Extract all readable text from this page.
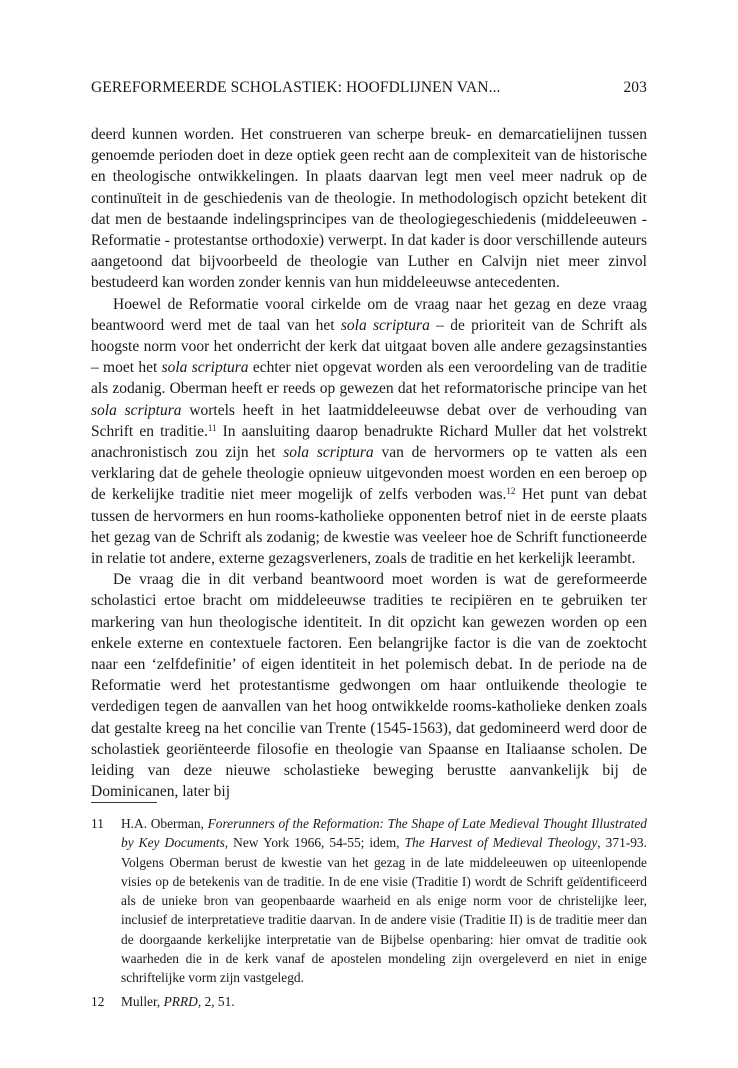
GEREFORMEERDE SCHOLASTIEK: HOOFDLIJNEN VAN...	203

deerd kunnen worden. Het construeren van scherpe breuk- en demarcatielijnen tussen genoemde perioden doet in deze optiek geen recht aan de complexiteit van de historische en theologische ontwikkelingen. In plaats daarvan legt men veel meer nadruk op de continuïteit in de geschiedenis van de theologie. In methodologisch opzicht betekent dit dat men de bestaande indelingsprincipes van de theologiegeschiedenis (middeleeuwen - Reformatie - protestantse orthodoxie) verwerpt. In dat kader is door verschillende auteurs aangetoond dat bijvoorbeeld de theologie van Luther en Calvijn niet meer zinvol bestudeerd kan worden zonder kennis van hun middeleeuwse antecedenten.

Hoewel de Reformatie vooral cirkelde om de vraag naar het gezag en deze vraag beantwoord werd met de taal van het sola scriptura – de prioriteit van de Schrift als hoogste norm voor het onderricht der kerk dat uitgaat boven alle andere gezagsinstanties – moet het sola scriptura echter niet opgevat worden als een veroordeling van de traditie als zodanig. Oberman heeft er reeds op gewezen dat het reformatorische principe van het sola scriptura wortels heeft in het laatmiddeleeuwse debat over de verhouding van Schrift en traditie.$^{11}$ In aansluiting daarop benadrukte Richard Muller dat het volstrekt anachronistisch zou zijn het sola scriptura van de hervormers op te vatten als een verklaring dat de gehele theologie opnieuw uitgevonden moest worden en een beroep op de kerkelijke traditie niet meer mogelijk of zelfs verboden was.$^{12}$ Het punt van debat tussen de hervormers en hun rooms-katholieke opponenten betrof niet in de eerste plaats het gezag van de Schrift als zodanig; de kwestie was veeleer hoe de Schrift functioneerde in relatie tot andere, externe gezagsverleners, zoals de traditie en het kerkelijk leerambt.

De vraag die in dit verband beantwoord moet worden is wat de gereformeerde scholastici ertoe bracht om middeleeuwse tradities te recipiëren en te gebruiken ter markering van hun theologische identiteit. In dit opzicht kan gewezen worden op een enkele externe en contextuele factoren. Een belangrijke factor is die van de zoektocht naar een ‘zelfdefinitie’ of eigen identiteit in het polemisch debat. In de periode na de Reformatie werd het protestantisme gedwongen om haar ontluikende theologie te verdedigen tegen de aanvallen van het hoog ontwikkelde rooms-katholieke denken zoals dat gestalte kreeg na het concilie van Trente (1545-1563), dat gedomineerd werd door de scholastiek georiënteerde filosofie en theologie van Spaanse en Italiaanse scholen. De leiding van deze nieuwe scholastieke beweging berustte aanvankelijk bij de Dominicanen, later bij

11 H.A. Oberman, Forerunners of the Reformation: The Shape of Late Medieval Thought Illustrated by Key Documents, New York 1966, 54-55; idem, The Harvest of Medieval Theology, 371-93. Volgens Oberman berust de kwestie van het gezag in de late middeleeuwen op uiteenlopende visies op de betekenis van de traditie. In de ene visie (Traditie I) wordt de Schrift geïdentificeerd als de unieke bron van geopenbaarde waarheid en als enige norm voor de christelijke leer, inclusief de interpretatieve traditie daarvan. In de andere visie (Traditie II) is de traditie meer dan de doorgaande kerkelijke interpretatie van de Bijbelse openbaring: hier omvat de traditie ook waarheden die in de kerk vanaf de apostelen mondeling zijn overgeleverd en niet in enige schriftelijke vorm zijn vastgelegd.
12 Muller, PRRD, 2, 51.
